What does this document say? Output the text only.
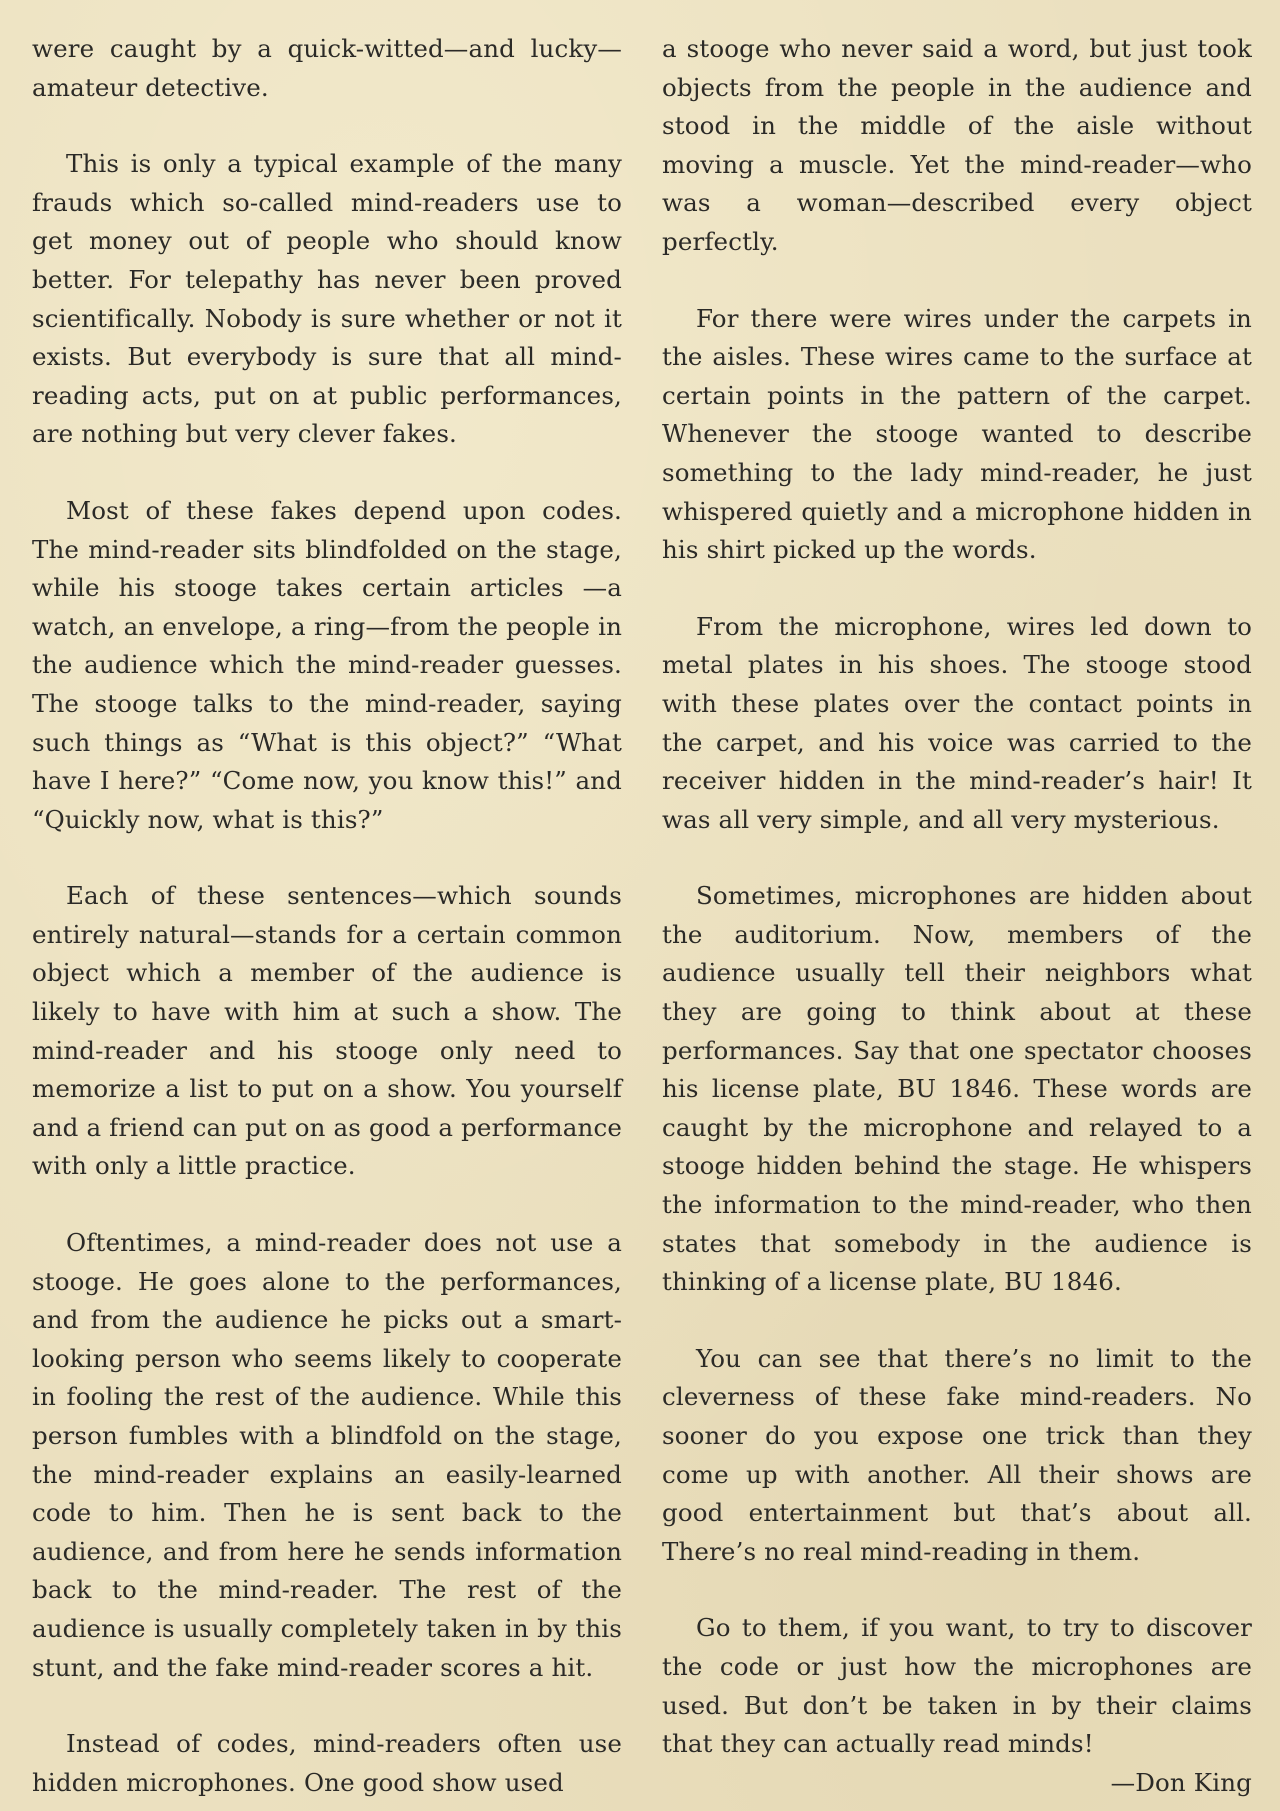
were caught by a quick-witted—and lucky—amateur detective.

This is only a typical example of the many frauds which so-called mind-readers use to get money out of people who should know better. For telepathy has never been proved scientifically. Nobody is sure whether or not it exists. But everybody is sure that all mind-reading acts, put on at public performances, are nothing but very clever fakes.

Most of these fakes depend upon codes. The mind-reader sits blindfolded on the stage, while his stooge takes certain articles —a watch, an envelope, a ring—from the people in the audience which the mind-reader guesses. The stooge talks to the mind-reader, saying such things as “What is this object?” “What have I here?” “Come now, you know this!” and “Quickly now, what is this?”

Each of these sentences—which sounds entirely natural—stands for a certain common object which a member of the audience is likely to have with him at such a show. The mind-reader and his stooge only need to memorize a list to put on a show. You yourself and a friend can put on as good a performance with only a little practice.

Oftentimes, a mind-reader does not use a stooge. He goes alone to the performances, and from the audience he picks out a smart-looking person who seems likely to cooperate in fooling the rest of the audience. While this person fumbles with a blindfold on the stage, the mind-reader explains an easily-learned code to him. Then he is sent back to the audience, and from here he sends information back to the mind-reader. The rest of the audience is usually completely taken in by this stunt, and the fake mind-reader scores a hit.

Instead of codes, mind-readers often use hidden microphones. One good show used

a stooge who never said a word, but just took objects from the people in the audience and stood in the middle of the aisle without moving a muscle. Yet the mind-reader—who was a woman—described every object perfectly.

For there were wires under the carpets in the aisles. These wires came to the surface at certain points in the pattern of the carpet. Whenever the stooge wanted to describe something to the lady mind-reader, he just whispered quietly and a microphone hidden in his shirt picked up the words.

From the microphone, wires led down to metal plates in his shoes. The stooge stood with these plates over the contact points in the carpet, and his voice was carried to the receiver hidden in the mind-reader’s hair! It was all very simple, and all very mysterious.

Sometimes, microphones are hidden about the auditorium. Now, members of the audience usually tell their neighbors what they are going to think about at these performances. Say that one spectator chooses his license plate, BU 1846. These words are caught by the microphone and relayed to a stooge hidden behind the stage. He whispers the information to the mind-reader, who then states that somebody in the audience is thinking of a license plate, BU 1846.

You can see that there’s no limit to the cleverness of these fake mind-readers. No sooner do you expose one trick than they come up with another. All their shows are good entertainment but that’s about all. There’s no real mind-reading in them.

Go to them, if you want, to try to discover the code or just how the microphones are used. But don’t be taken in by their claims that they can actually read minds!

—Don King
